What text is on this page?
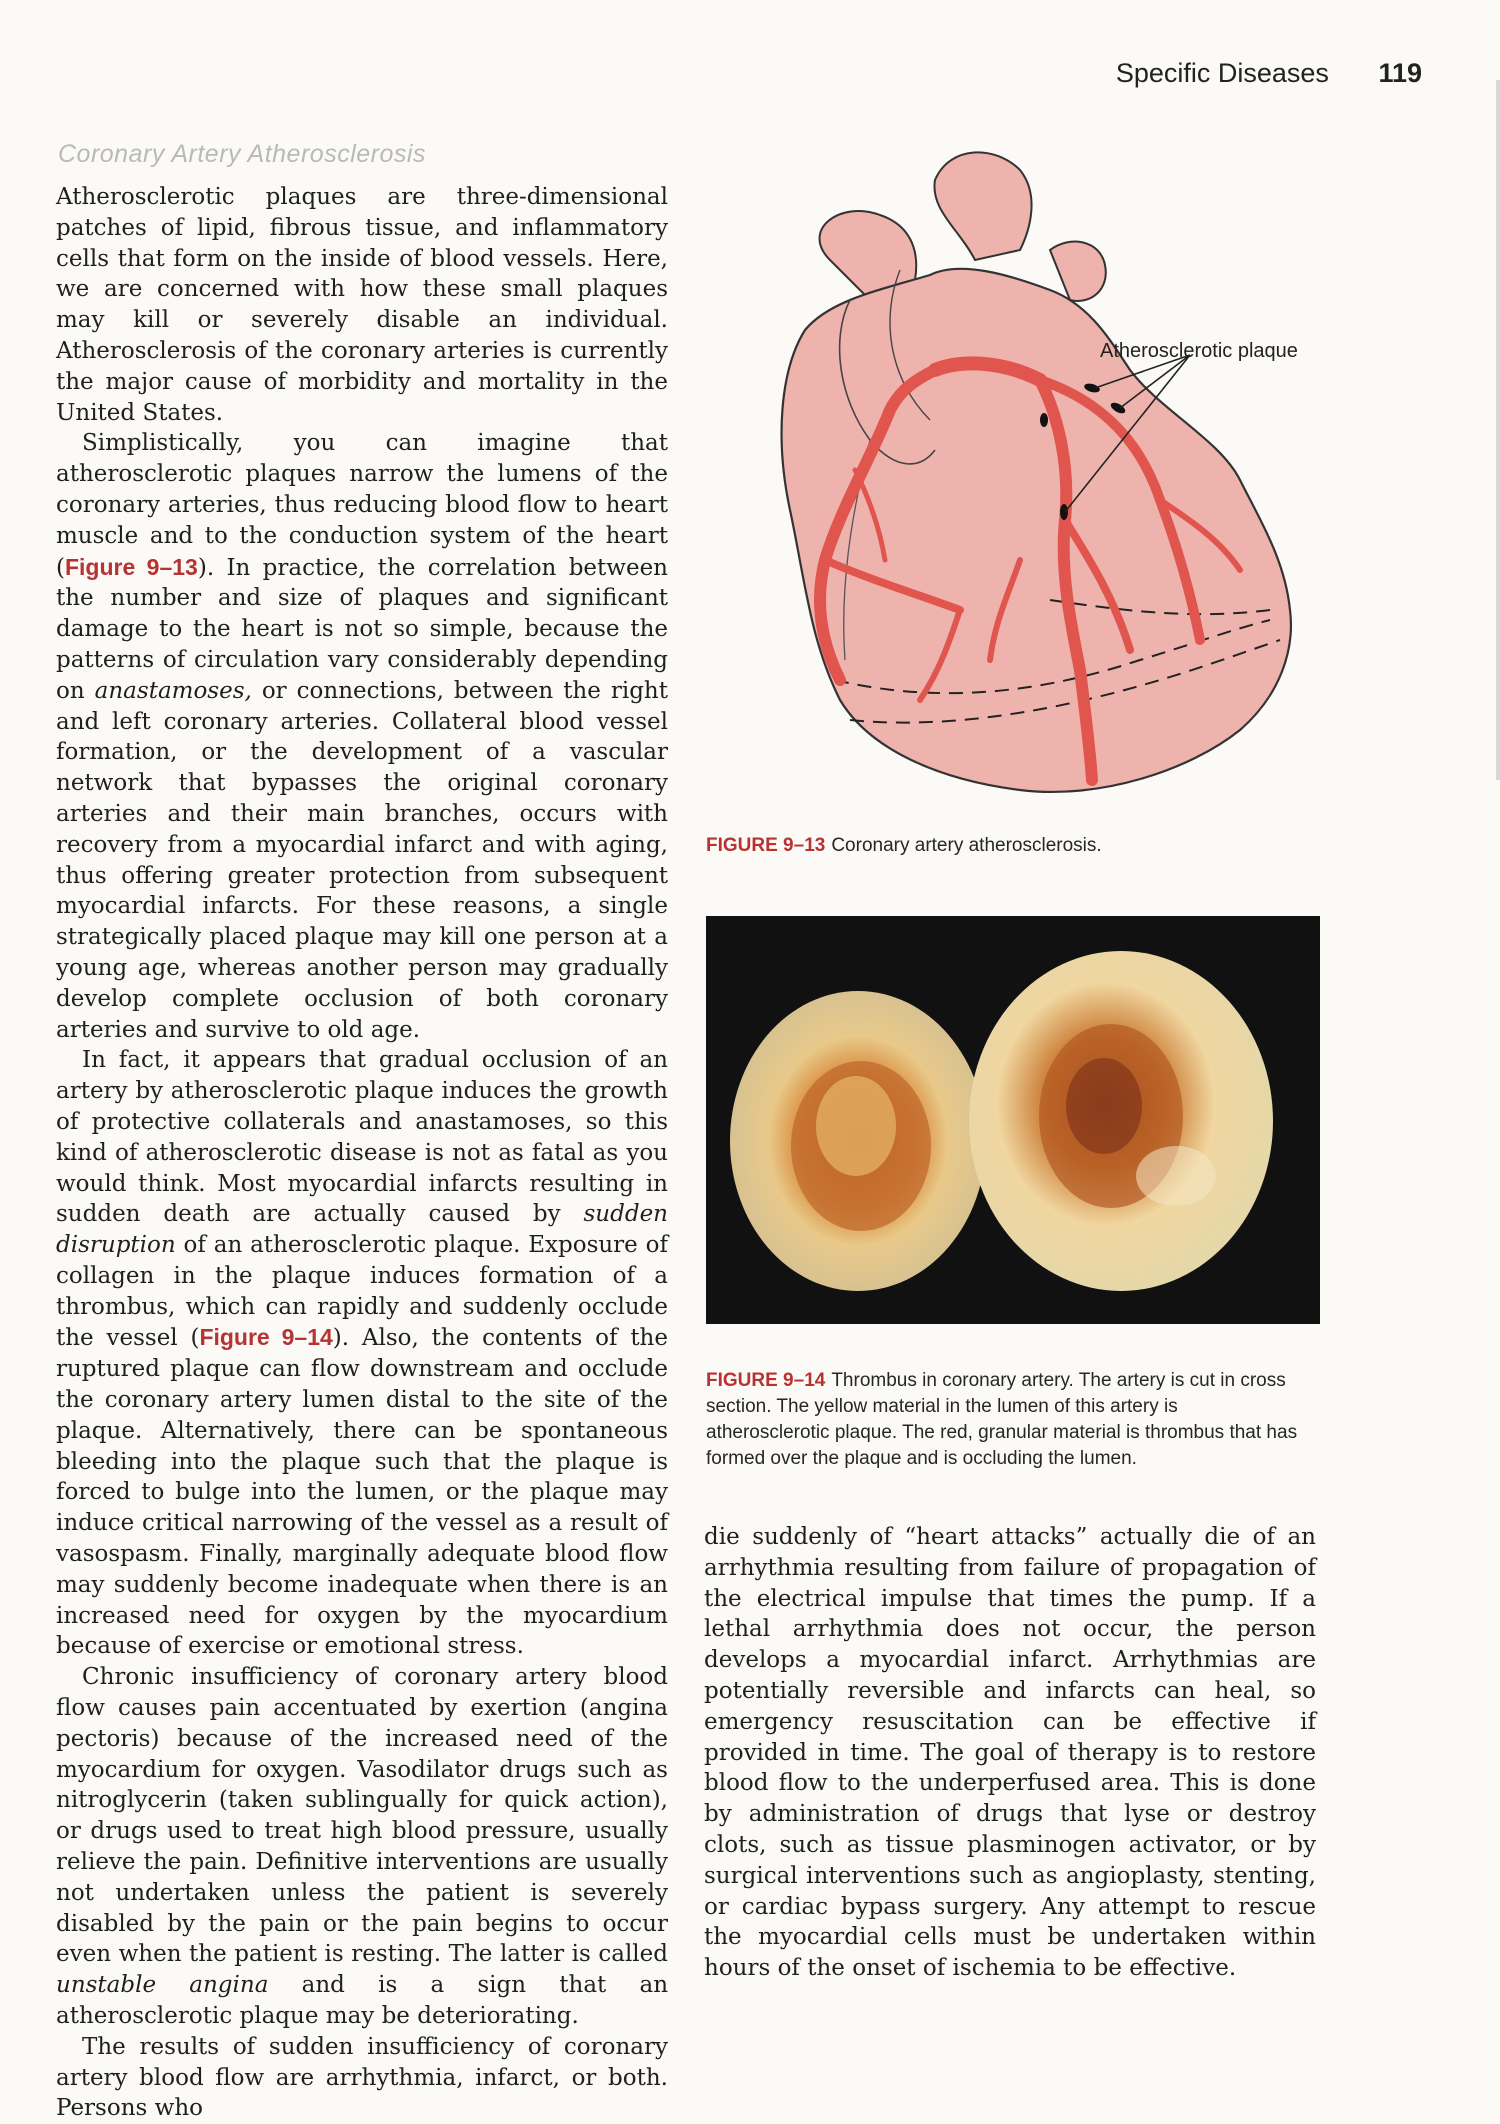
Specific Diseases 119
Coronary Artery Atherosclerosis

Atherosclerotic plaques are three-dimensional patches of lipid, fibrous tissue, and inflammatory cells that form on the inside of blood vessels. Here, we are concerned with how these small plaques may kill or severely disable an individual. Atherosclerosis of the coronary arteries is currently the major cause of morbidity and mortality in the United States.

Simplistically, you can imagine that atherosclerotic plaques narrow the lumens of the coronary arteries, thus reducing blood flow to heart muscle and to the conduction system of the heart (Figure 9–13). In practice, the correlation between the number and size of plaques and significant damage to the heart is not so simple, because the patterns of circulation vary considerably depending on anastamoses, or connections, between the right and left coronary arteries. Collateral blood vessel formation, or the development of a vascular network that bypasses the original coronary arteries and their main branches, occurs with recovery from a myocardial infarct and with aging, thus offering greater protection from subsequent myocardial infarcts. For these reasons, a single strategically placed plaque may kill one person at a young age, whereas another person may gradually develop complete occlusion of both coronary arteries and survive to old age.

In fact, it appears that gradual occlusion of an artery by atherosclerotic plaque induces the growth of protective collaterals and anastamoses, so this kind of atherosclerotic disease is not as fatal as you would think. Most myocardial infarcts resulting in sudden death are actually caused by sudden disruption of an atherosclerotic plaque. Exposure of collagen in the plaque induces formation of a thrombus, which can rapidly and suddenly occlude the vessel (Figure 9–14). Also, the contents of the ruptured plaque can flow downstream and occlude the coronary artery lumen distal to the site of the plaque. Alternatively, there can be spontaneous bleeding into the plaque such that the plaque is forced to bulge into the lumen, or the plaque may induce critical narrowing of the vessel as a result of vasospasm. Finally, marginally adequate blood flow may suddenly become inadequate when there is an increased need for oxygen by the myocardium because of exercise or emotional stress.

Chronic insufficiency of coronary artery blood flow causes pain accentuated by exertion (angina pectoris) because of the increased need of the myocardium for oxygen. Vasodilator drugs such as nitroglycerin (taken sublingually for quick action), or drugs used to treat high blood pressure, usually relieve the pain. Definitive interventions are usually not undertaken unless the patient is severely disabled by the pain or the pain begins to occur even when the patient is resting. The latter is called unstable angina and is a sign that an atherosclerotic plaque may be deteriorating.

The results of sudden insufficiency of coronary artery blood flow are arrhythmia, infarct, or both. Persons who

Atherosclerotic plaque
FIGURE 9–13 Coronary artery atherosclerosis.
FIGURE 9–14 Thrombus in coronary artery. The artery is cut in cross section. The yellow material in the lumen of this artery is atherosclerotic plaque. The red, granular material is thrombus that has formed over the plaque and is occluding the lumen.

die suddenly of “heart attacks” actually die of an arrhythmia resulting from failure of propagation of the electrical impulse that times the pump. If a lethal arrhythmia does not occur, the person develops a myocardial infarct. Arrhythmias are potentially reversible and infarcts can heal, so emergency resuscitation can be effective if provided in time. The goal of therapy is to restore blood flow to the underperfused area. This is done by administration of drugs that lyse or destroy clots, such as tissue plasminogen activator, or by surgical interventions such as angioplasty, stenting, or cardiac bypass surgery. Any attempt to rescue the myocardial cells must be undertaken within hours of the onset of ischemia to be effective.
